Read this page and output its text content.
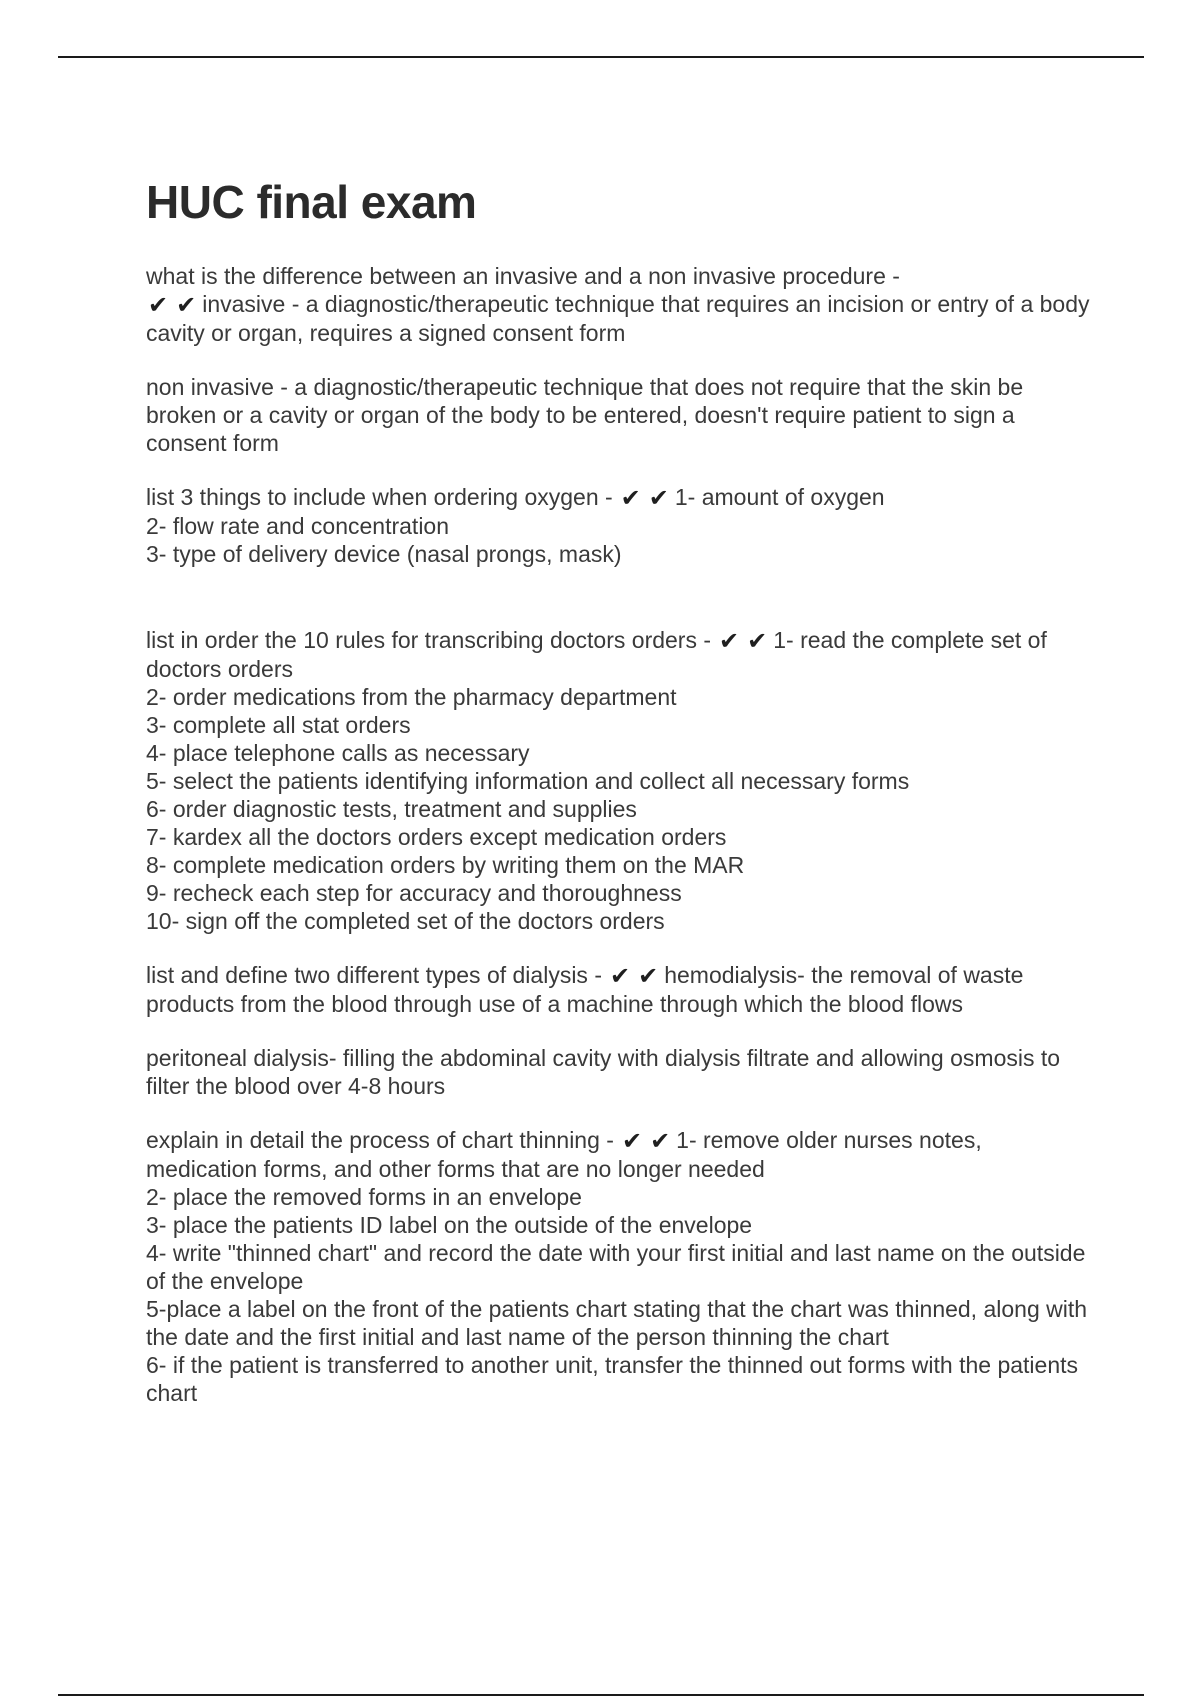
HUC final exam

what is the difference between an invasive and a non invasive procedure -
✔ ✔ invasive - a diagnostic/therapeutic technique that requires an incision or entry of a body cavity or organ, requires a signed consent form

non invasive - a diagnostic/therapeutic technique that does not require that the skin be broken or a cavity or organ of the body to be entered, doesn't require patient to sign a consent form

list 3 things to include when ordering oxygen - ✔ ✔ 1- amount of oxygen
2- flow rate and concentration
3- type of delivery device (nasal prongs, mask)

list in order the 10 rules for transcribing doctors orders - ✔ ✔ 1- read the complete set of doctors orders
2- order medications from the pharmacy department
3- complete all stat orders
4- place telephone calls as necessary
5- select the patients identifying information and collect all necessary forms
6- order diagnostic tests, treatment and supplies
7- kardex all the doctors orders except medication orders
8- complete medication orders by writing them on the MAR
9- recheck each step for accuracy and thoroughness
10- sign off the completed set of the doctors orders

list and define two different types of dialysis - ✔ ✔ hemodialysis- the removal of waste products from the blood through use of a machine through which the blood flows

peritoneal dialysis- filling the abdominal cavity with dialysis filtrate and allowing osmosis to filter the blood over 4-8 hours

explain in detail the process of chart thinning - ✔ ✔ 1- remove older nurses notes, medication forms, and other forms that are no longer needed
2- place the removed forms in an envelope
3- place the patients ID label on the outside of the envelope
4- write "thinned chart" and record the date with your first initial and last name on the outside of the envelope
5-place a label on the front of the patients chart stating that the chart was thinned, along with the date and the first initial and last name of the person thinning the chart
6- if the patient is transferred to another unit, transfer the thinned out forms with the patients chart
